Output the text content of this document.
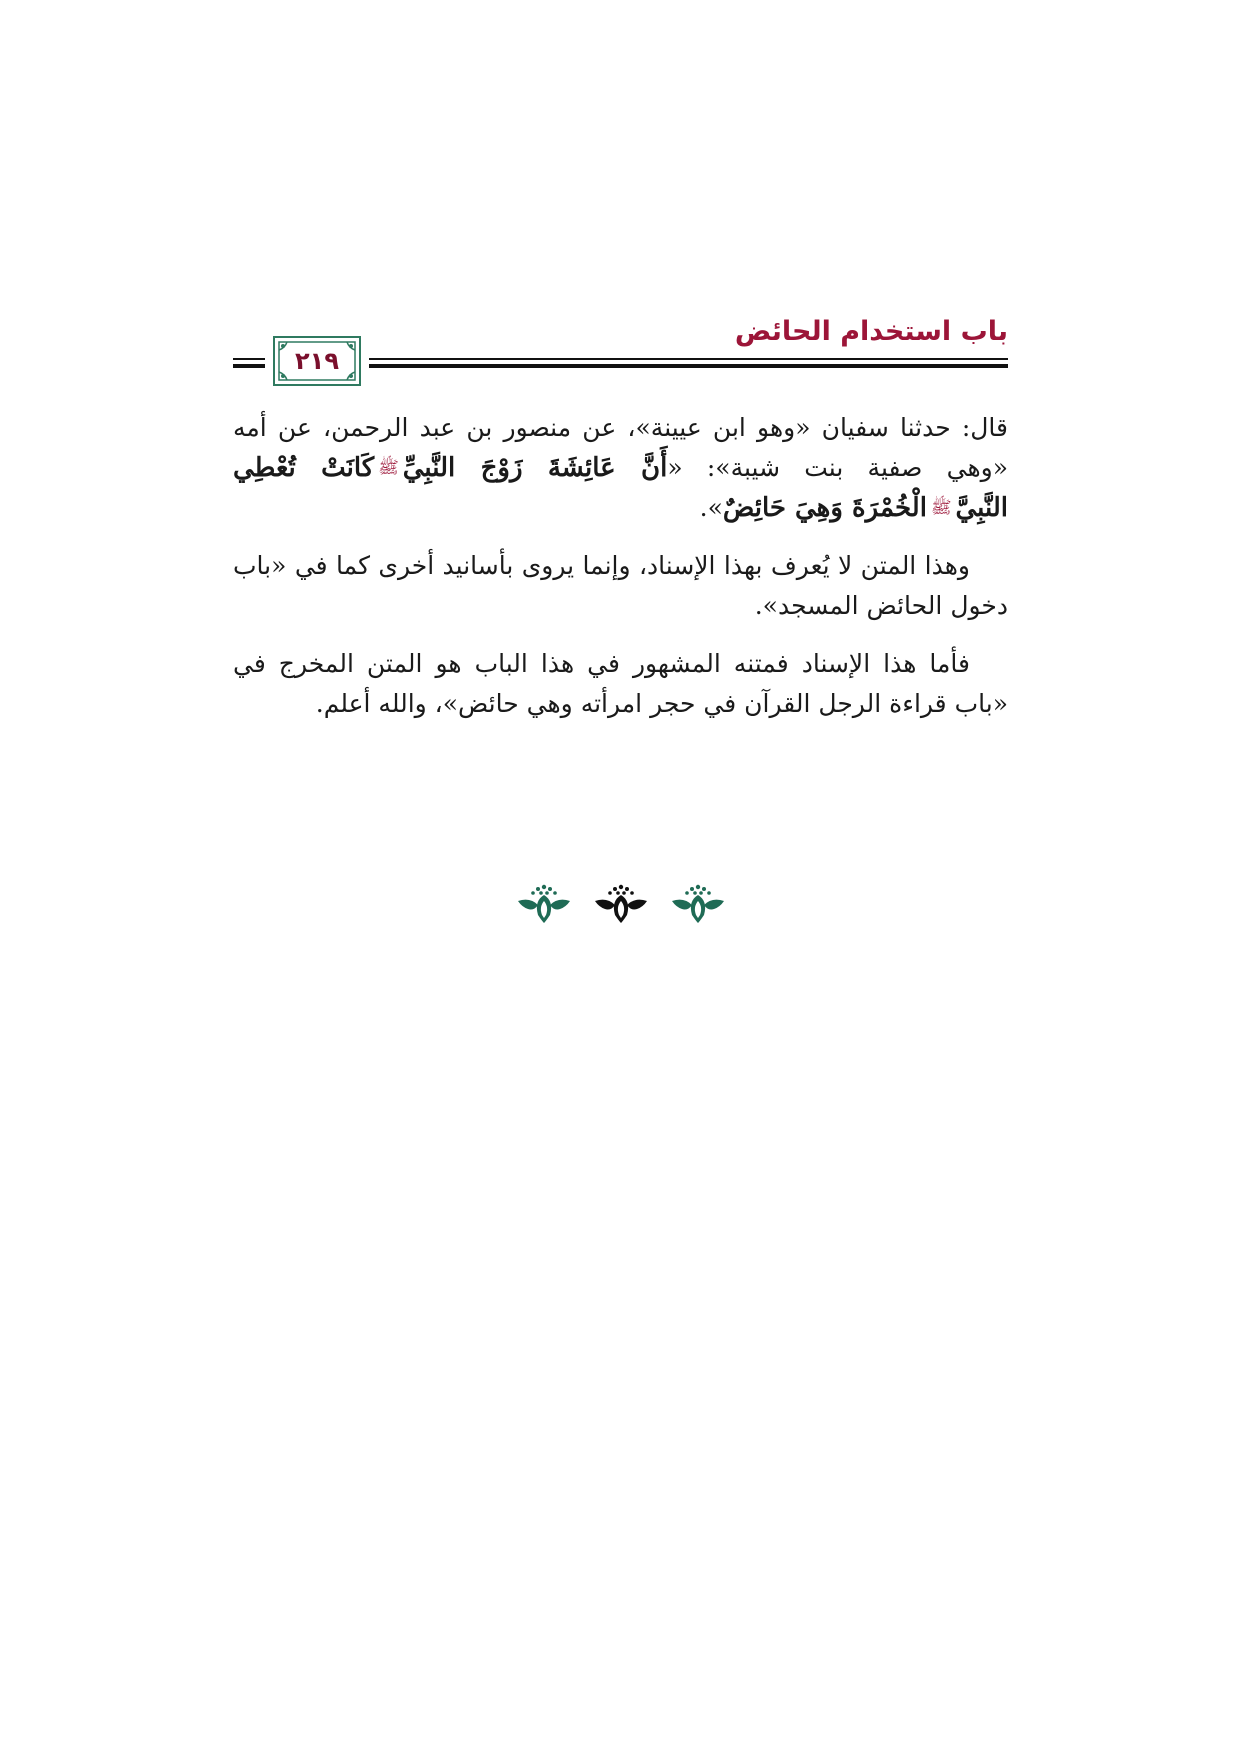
باب استخدام الحائض
٢١٩

قال: حدثنا سفيان «وهو ابن عيينة»، عن منصور بن عبد الرحمن، عن أمه «وهي صفية بنت شيبة»: «أَنَّ عَائِشَةَ زَوْجَ النَّبِيِّﷺكَانَتْ تُعْطِي النَّبِيَّﷺالْخُمْرَةَ وَهِيَ حَائِضٌ».

وهذا المتن لا يُعرف بهذا الإسناد، وإنما يروى بأسانيد أخرى كما في «باب دخول الحائض المسجد».

فأما هذا الإسناد فمتنه المشهور في هذا الباب هو المتن المخرج في «باب قراءة الرجل القرآن في حجر امرأته وهي حائض»، والله أعلم.
